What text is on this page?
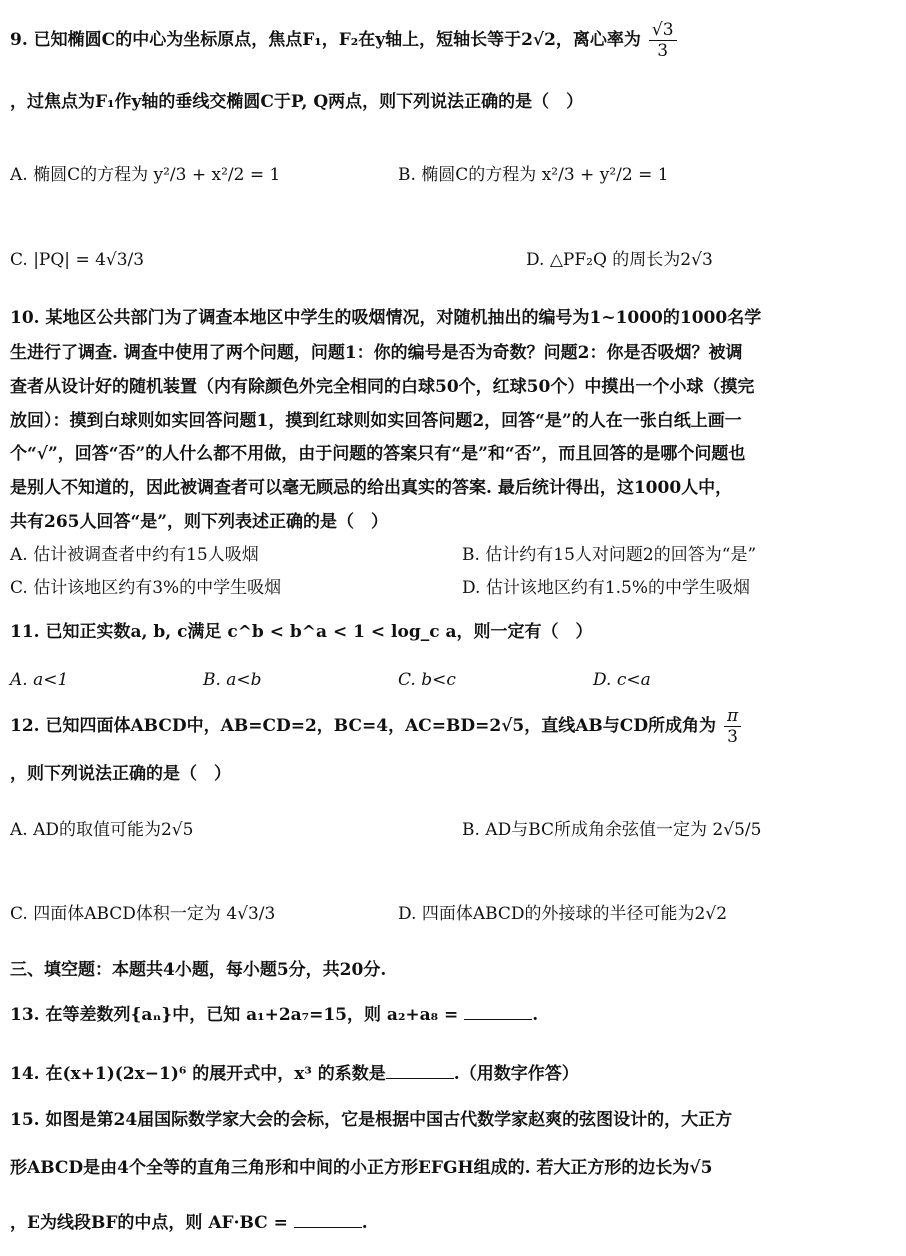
9. 已知椭圆C的中心为坐标原点，焦点F₁，F₂在y轴上，短轴长等于2√2，离心率为 $\frac{√3}{3}$
，过焦点为F₁作y轴的垂线交椭圆C于P, Q两点，则下列说法正确的是（　）
A. 椭圆C的方程为 y²/3 + x²/2 = 1	B. 椭圆C的方程为 x²/3 + y²/2 = 1
C. |PQ| = 4√3/3	D. △PF₂Q 的周长为2√3
10. 某地区公共部门为了调查本地区中学生的吸烟情况，对随机抽出的编号为1~1000的1000名学
生进行了调查. 调查中使用了两个问题，问题1：你的编号是否为奇数？问题2：你是否吸烟？被调
查者从设计好的随机装置（内有除颜色外完全相同的白球50个，红球50个）中摸出一个小球（摸完
放回）：摸到白球则如实回答问题1，摸到红球则如实回答问题2，回答“是”的人在一张白纸上画一
个“√”，回答“否”的人什么都不用做，由于问题的答案只有“是”和“否”，而且回答的是哪个问题也
是别人不知道的，因此被调查者可以毫无顾忌的给出真实的答案. 最后统计得出，这1000人中，
共有265人回答“是”，则下列表述正确的是（　）
A. 估计被调查者中约有15人吸烟	B. 估计约有15人对问题2的回答为“是”
C. 估计该地区约有3%的中学生吸烟	D. 估计该地区约有1.5%的中学生吸烟
11. 已知正实数a, b, c满足 c^b < b^a < 1 < log_c a，则一定有（　）
A. a<1	B. a<b	C. b<c	D. c<a
12. 已知四面体ABCD中，AB=CD=2，BC=4，AC=BD=2√5，直线AB与CD所成角为 $\frac{\pi}{3}$
，则下列说法正确的是（　）
A. AD的取值可能为2√5	B. AD与BC所成角余弦值一定为 2√5/5
C. 四面体ABCD体积一定为 4√3/3	D. 四面体ABCD的外接球的半径可能为2√2
三、填空题：本题共4小题，每小题5分，共20分.
13. 在等差数列{aₙ}中，已知 a₁+2a₇=15，则 a₂+a₈ =	.
14. 在(x+1)(2x−1)⁶ 的展开式中，x³ 的系数是	.（用数字作答）
15. 如图是第24届国际数学家大会的会标，它是根据中国古代数学家赵爽的弦图设计的，大正方
形ABCD是由4个全等的直角三角形和中间的小正方形EFGH组成的. 若大正方形的边长为√5
，E为线段BF的中点，则 AF·BC =	.
